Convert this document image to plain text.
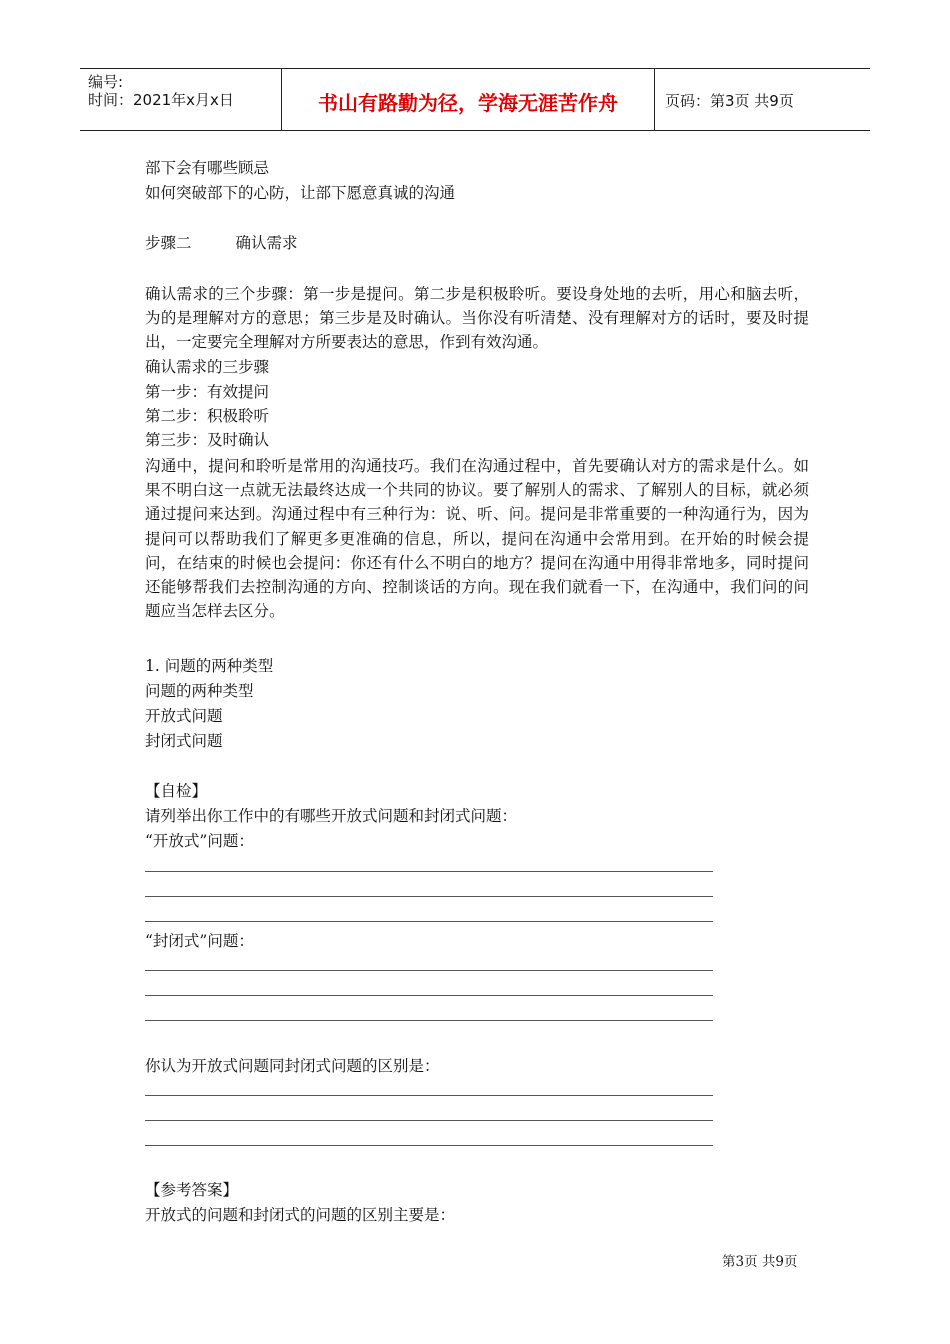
编号:
时间：2021年x月x日	书山有路勤为径，学海无涯苦作舟	页码：第3页 共9页
部下会有哪些顾忌
如何突破部下的心防，让部下愿意真诚的沟通
步骤二	确认需求
确认需求的三个步骤：第一步是提问。第二步是积极聆听。要设身处地的去听，用心和脑去听，为的是理解对方的意思；第三步是及时确认。当你没有听清楚、没有理解对方的话时，要及时提出，一定要完全理解对方所要表达的意思，作到有效沟通。
确认需求的三步骤
第一步：有效提问
第二步：积极聆听
第三步：及时确认
沟通中，提问和聆听是常用的沟通技巧。我们在沟通过程中，首先要确认对方的需求是什么。如果不明白这一点就无法最终达成一个共同的协议。要了解别人的需求、了解别人的目标，就必须通过提问来达到。沟通过程中有三种行为：说、听、问。提问是非常重要的一种沟通行为，因为提问可以帮助我们了解更多更准确的信息，所以，提问在沟通中会常用到。在开始的时候会提问，在结束的时候也会提问：你还有什么不明白的地方？提问在沟通中用得非常地多，同时提问还能够帮我们去控制沟通的方向、控制谈话的方向。现在我们就看一下，在沟通中，我们问的问题应当怎样去区分。
1. 问题的两种类型
问题的两种类型
开放式问题
封闭式问题
【自检】
请列举出你工作中的有哪些开放式问题和封闭式问题：
“开放式”问题：
“封闭式”问题：
你认为开放式问题同封闭式问题的区别是：
【参考答案】
开放式的问题和封闭式的问题的区别主要是：
第3页 共9页
